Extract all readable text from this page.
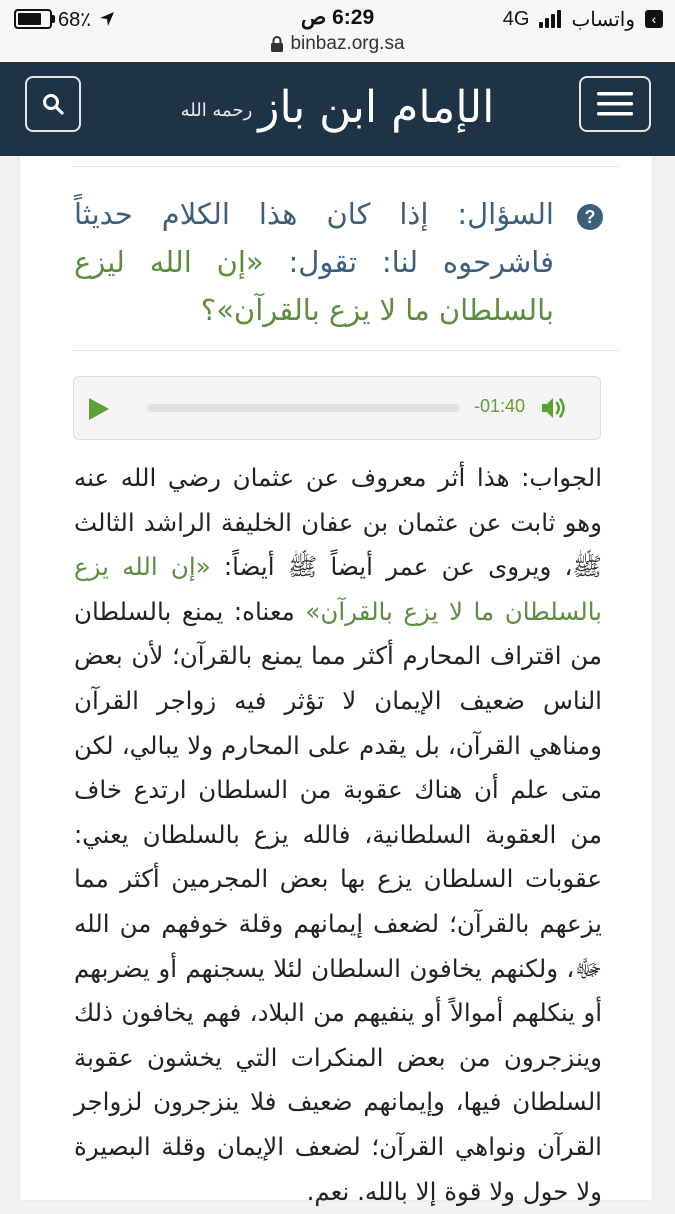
68٪	6:29 ص	4G واتساب	‹
binbaz.org.sa
الإمام ابن بازرحمه الله
?
السؤال: إذا كان هذا الكلام حديثاً فاشرحوه لنا: تقول: «إن الله ليزع بالسلطان ما لا يزع بالقرآن»؟
-01:40
الجواب: هذا أثر معروف عن عثمان رضي الله عنه وهو ثابت عن عثمان بن عفان الخليفة الراشد الثالث ﷺ، ويروى عن عمر أيضاً ﷺ أيضاً: «إن الله يزع بالسلطان ما لا يزع بالقرآن» معناه: يمنع بالسلطان من اقتراف المحارم أكثر مما يمنع بالقرآن؛ لأن بعض الناس ضعيف الإيمان لا تؤثر فيه زواجر القرآن ومناهي القرآن، بل يقدم على المحارم ولا يبالي، لكن متى علم أن هناك عقوبة من السلطان ارتدع خاف من العقوبة السلطانية، فالله يزع بالسلطان يعني: عقوبات السلطان يزع بها بعض المجرمين أكثر مما يزعهم بالقرآن؛ لضعف إيمانهم وقلة خوفهم من الله ﷻ، ولكنهم يخافون السلطان لئلا يسجنهم أو يضربهم أو ينكلهم أموالاً أو ينفيهم من البلاد، فهم يخافون ذلك وينزجرون من بعض المنكرات التي يخشون عقوبة السلطان فيها، وإيمانهم ضعيف فلا ينزجرون لزواجر القرآن ونواهي القرآن؛ لضعف الإيمان وقلة البصيرة ولا حول ولا قوة إلا بالله. نعم.
